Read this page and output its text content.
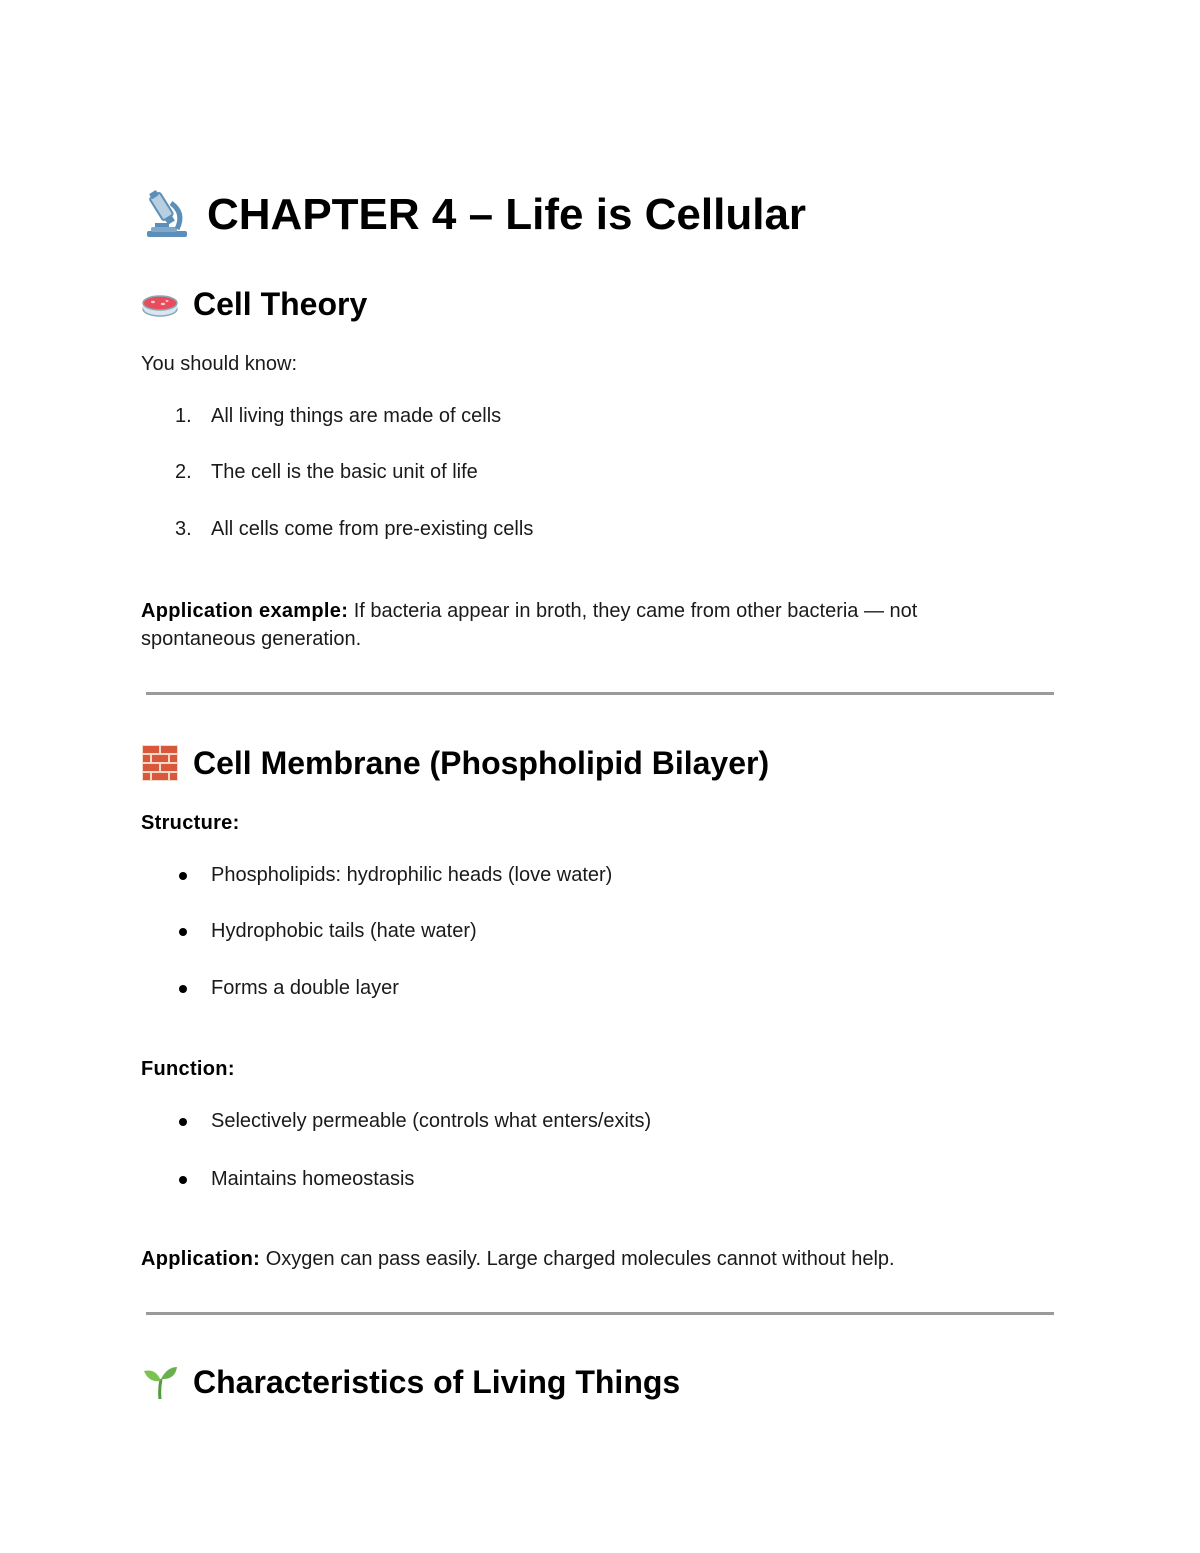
CHAPTER 4 – Life is Cellular
Cell Theory
You should know:
1. All living things are made of cells
2. The cell is the basic unit of life
3. All cells come from pre-existing cells
Application example: If bacteria appear in broth, they came from other bacteria — not
spontaneous generation.
Cell Membrane (Phospholipid Bilayer)
Structure:
Phospholipids: hydrophilic heads (love water)
Hydrophobic tails (hate water)
Forms a double layer
Function:
Selectively permeable (controls what enters/exits)
Maintains homeostasis
Application: Oxygen can pass easily. Large charged molecules cannot without help.
Characteristics of Living Things
